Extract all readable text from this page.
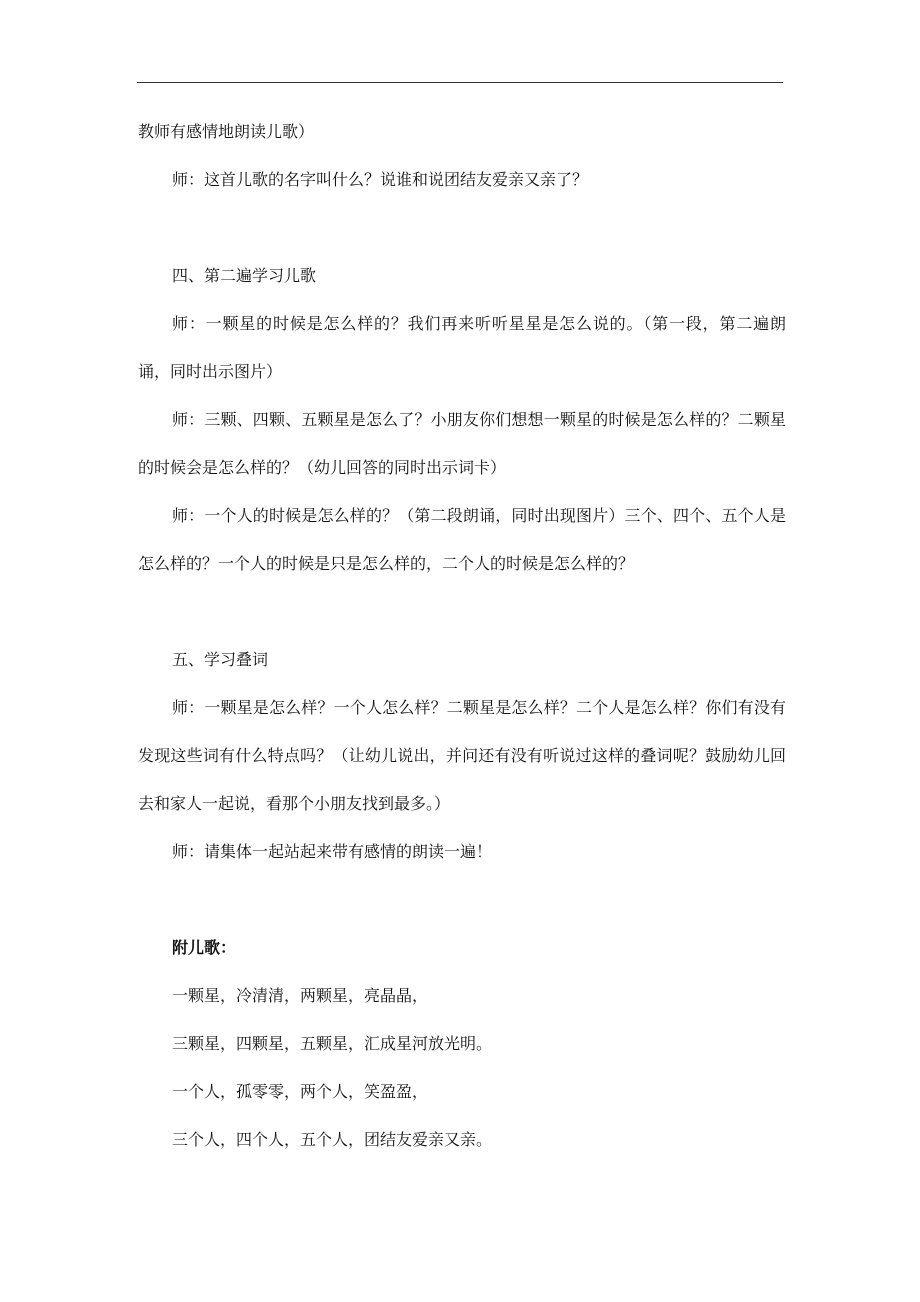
教师有感情地朗读儿歌）

师：这首儿歌的名字叫什么？说谁和说团结友爱亲又亲了？

四、第二遍学习儿歌

师：一颗星的时候是怎么样的？我们再来听听星星是怎么说的。（第一段，第二遍朗诵，同时出示图片）

师：三颗、四颗、五颗星是怎么了？小朋友你们想想一颗星的时候是怎么样的？二颗星的时候会是怎么样的？（幼儿回答的同时出示词卡）

师：一个人的时候是怎么样的？（第二段朗诵，同时出现图片）三个、四个、五个人是怎么样的？一个人的时候是只是怎么样的，二个人的时候是怎么样的？

五、学习叠词

师：一颗星是怎么样？一个人怎么样？二颗星是怎么样？二个人是怎么样？你们有没有发现这些词有什么特点吗？（让幼儿说出，并问还有没有听说过这样的叠词呢？鼓励幼儿回去和家人一起说，看那个小朋友找到最多。）

师：请集体一起站起来带有感情的朗读一遍！

附儿歌：

一颗星，冷清清，两颗星，亮晶晶，

三颗星，四颗星，五颗星，汇成星河放光明。

一个人，孤零零，两个人，笑盈盈，

三个人，四个人，五个人，团结友爱亲又亲。
